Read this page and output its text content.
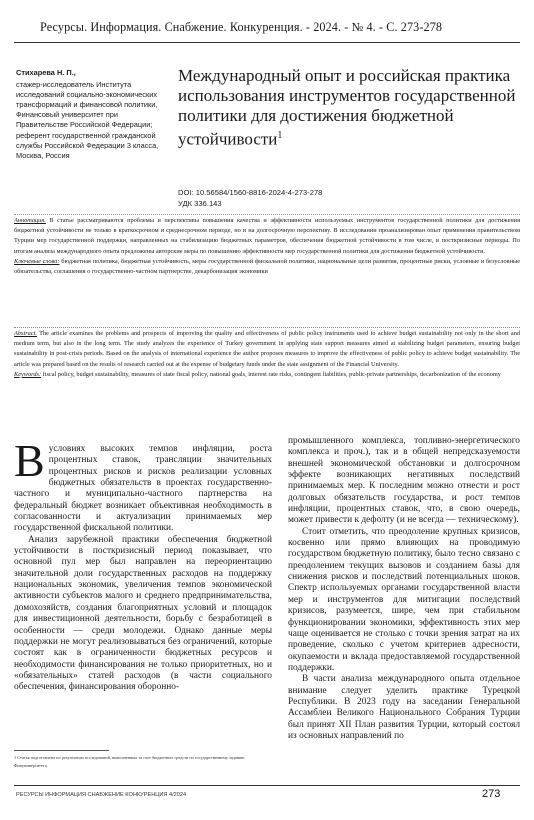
Ресурсы. Информация. Снабжение. Конкуренция. - 2024. - № 4. - С. 273-278
Стихарева Н. П.,
стажер-исследователь Института исследований социально-экономических трансформаций и финансовой политики, Финансовый университет при Правительстве Российской Федерации; референт государственной гражданской службы Российской Федерации 3 класса, Москва, Россия
Международный опыт и российская практика использования инструментов государственной политики для достижения бюджетной устойчивости$^1$
DOI: 10.56584/1560-8816-2024-4-273-278
УДК 336.143
Аннотация. В статье рассматриваются проблемы и перспективы повышения качества и эффективности используемых инструментов государственной политики для достижения бюджетной устойчивости не только в краткосрочном и среднесрочном периоде, но и на долгосрочную перспективу. В исследовании проанализирован опыт применения правительством Турции мер государственной поддержки, направленных на стабилизацию бюджетных параметров, обеспечения бюджетной устойчивости в том числе, в посткризисные периоды. По итогам анализа международного опыта предложены авторские меры по повышению эффективности мер государственной политики для достижения бюджетной устойчивости.
Ключевые слова: бюджетная политика, бюджетная устойчивость, меры государственной фискальной политики, национальные цели развития, процентные риски, условные и безусловные обязательства, соглашения о государственно-частном партнерстве, декарбонизация экономики
Abstract. The article examines the problems and prospects of improving the quality and effectiveness of public policy instruments used to achieve budget sustainability not only in the short and medium term, but also in the long term. The study analyzes the experience of Turkey government in applying state support measures aimed at stabilizing budget parameters, ensuring budget sustainability in post-crisis periods. Based on the analysis of international experience the author proposes measures to improve the effectiveness of public policy to achieve budget sustainability. The article was prepared based on the results of research carried out at the expense of budgetary funds under the state assignment of the Financial University.
Keywords: fiscal policy, budget sustainability, measures of state fiscal policy, national goals, interest rate risks, contingent liabilities, public-private partnerships, decarbonization of the economy

В условиях высоких темпов инфляции, роста процентных ставок, трансляции значительных процентных рисков и рисков реализации условных бюджетных обязательств в проектах государственно-частного и муниципально-частного партнерства на федеральный бюджет возникает объективная необходимость в согласованности и актуализации принимаемых мер государственной фискальной политики.

Анализ зарубежной практики обеспечения бюджетной устойчивости в посткризисный период показывает, что основной пул мер был направлен на переориентацию значительной доли государственных расходов на поддержку национальных экономик, увеличения темпов экономической активности субъектов малого и среднего предпринимательства, домохозяйств, создания благоприятных условий и площадок для инвестиционной деятельности, борьбу с безработицей в особенности — среди молодежи. Однако данные меры поддержки не могут реализовываться без ограничений, которые состоят как в ограниченности бюджетных ресурсов и необходимости финансирования не только приоритетных, но и «обязательных» статей расходов (в части социального обеспечения, финансирования оборонно-

промышленного комплекса, топливно-энергетического комплекса и проч.), так и в общей непредсказуемости внешней экономической обстановки и долгосрочном эффекте возникающих негативных последствий принимаемых мер. К последним можно отнести и рост долговых обязательств государства, и рост темпов инфляции, процентных ставок, что, в свою очередь, может привести к дефолту (и не всегда — техническому).

Стоит отметить, что преодоление крупных кризисов, косвенно или прямо влияющих на проводимую государством бюджетную политику, было тесно связано с преодолением текущих вызовов и созданием базы для снижения рисков и последствий потенциальных шоков. Спектр используемых органами государственной власти мер и инструментов для митигации последствий кризисов, разумеется, шире, чем при стабильном функционировании экономики, эффективность этих мер чаще оценивается не столько с точки зрения затрат на их проведение, сколько с учетом критериев адресности, окупаемости и вклада предоставляемой государственной поддержки.

В части анализа международного опыта отдельное внимание следует уделить практике Турецкой Республики. В 2023 году на заседании Генеральной Ассамблеи Великого Национального Собрания Турции был принят XII План развития Турции, который состоял из основных направлений по

1 Статья подготовлена по результатам исследований, выполненных за счет бюджетных средств по государственному заданию Финуниверситета.
РЕСУРСЫ ИНФОРМАЦИЯ СНАБЖЕНИЕ КОНКУРЕНЦИЯ 4/2024	273
